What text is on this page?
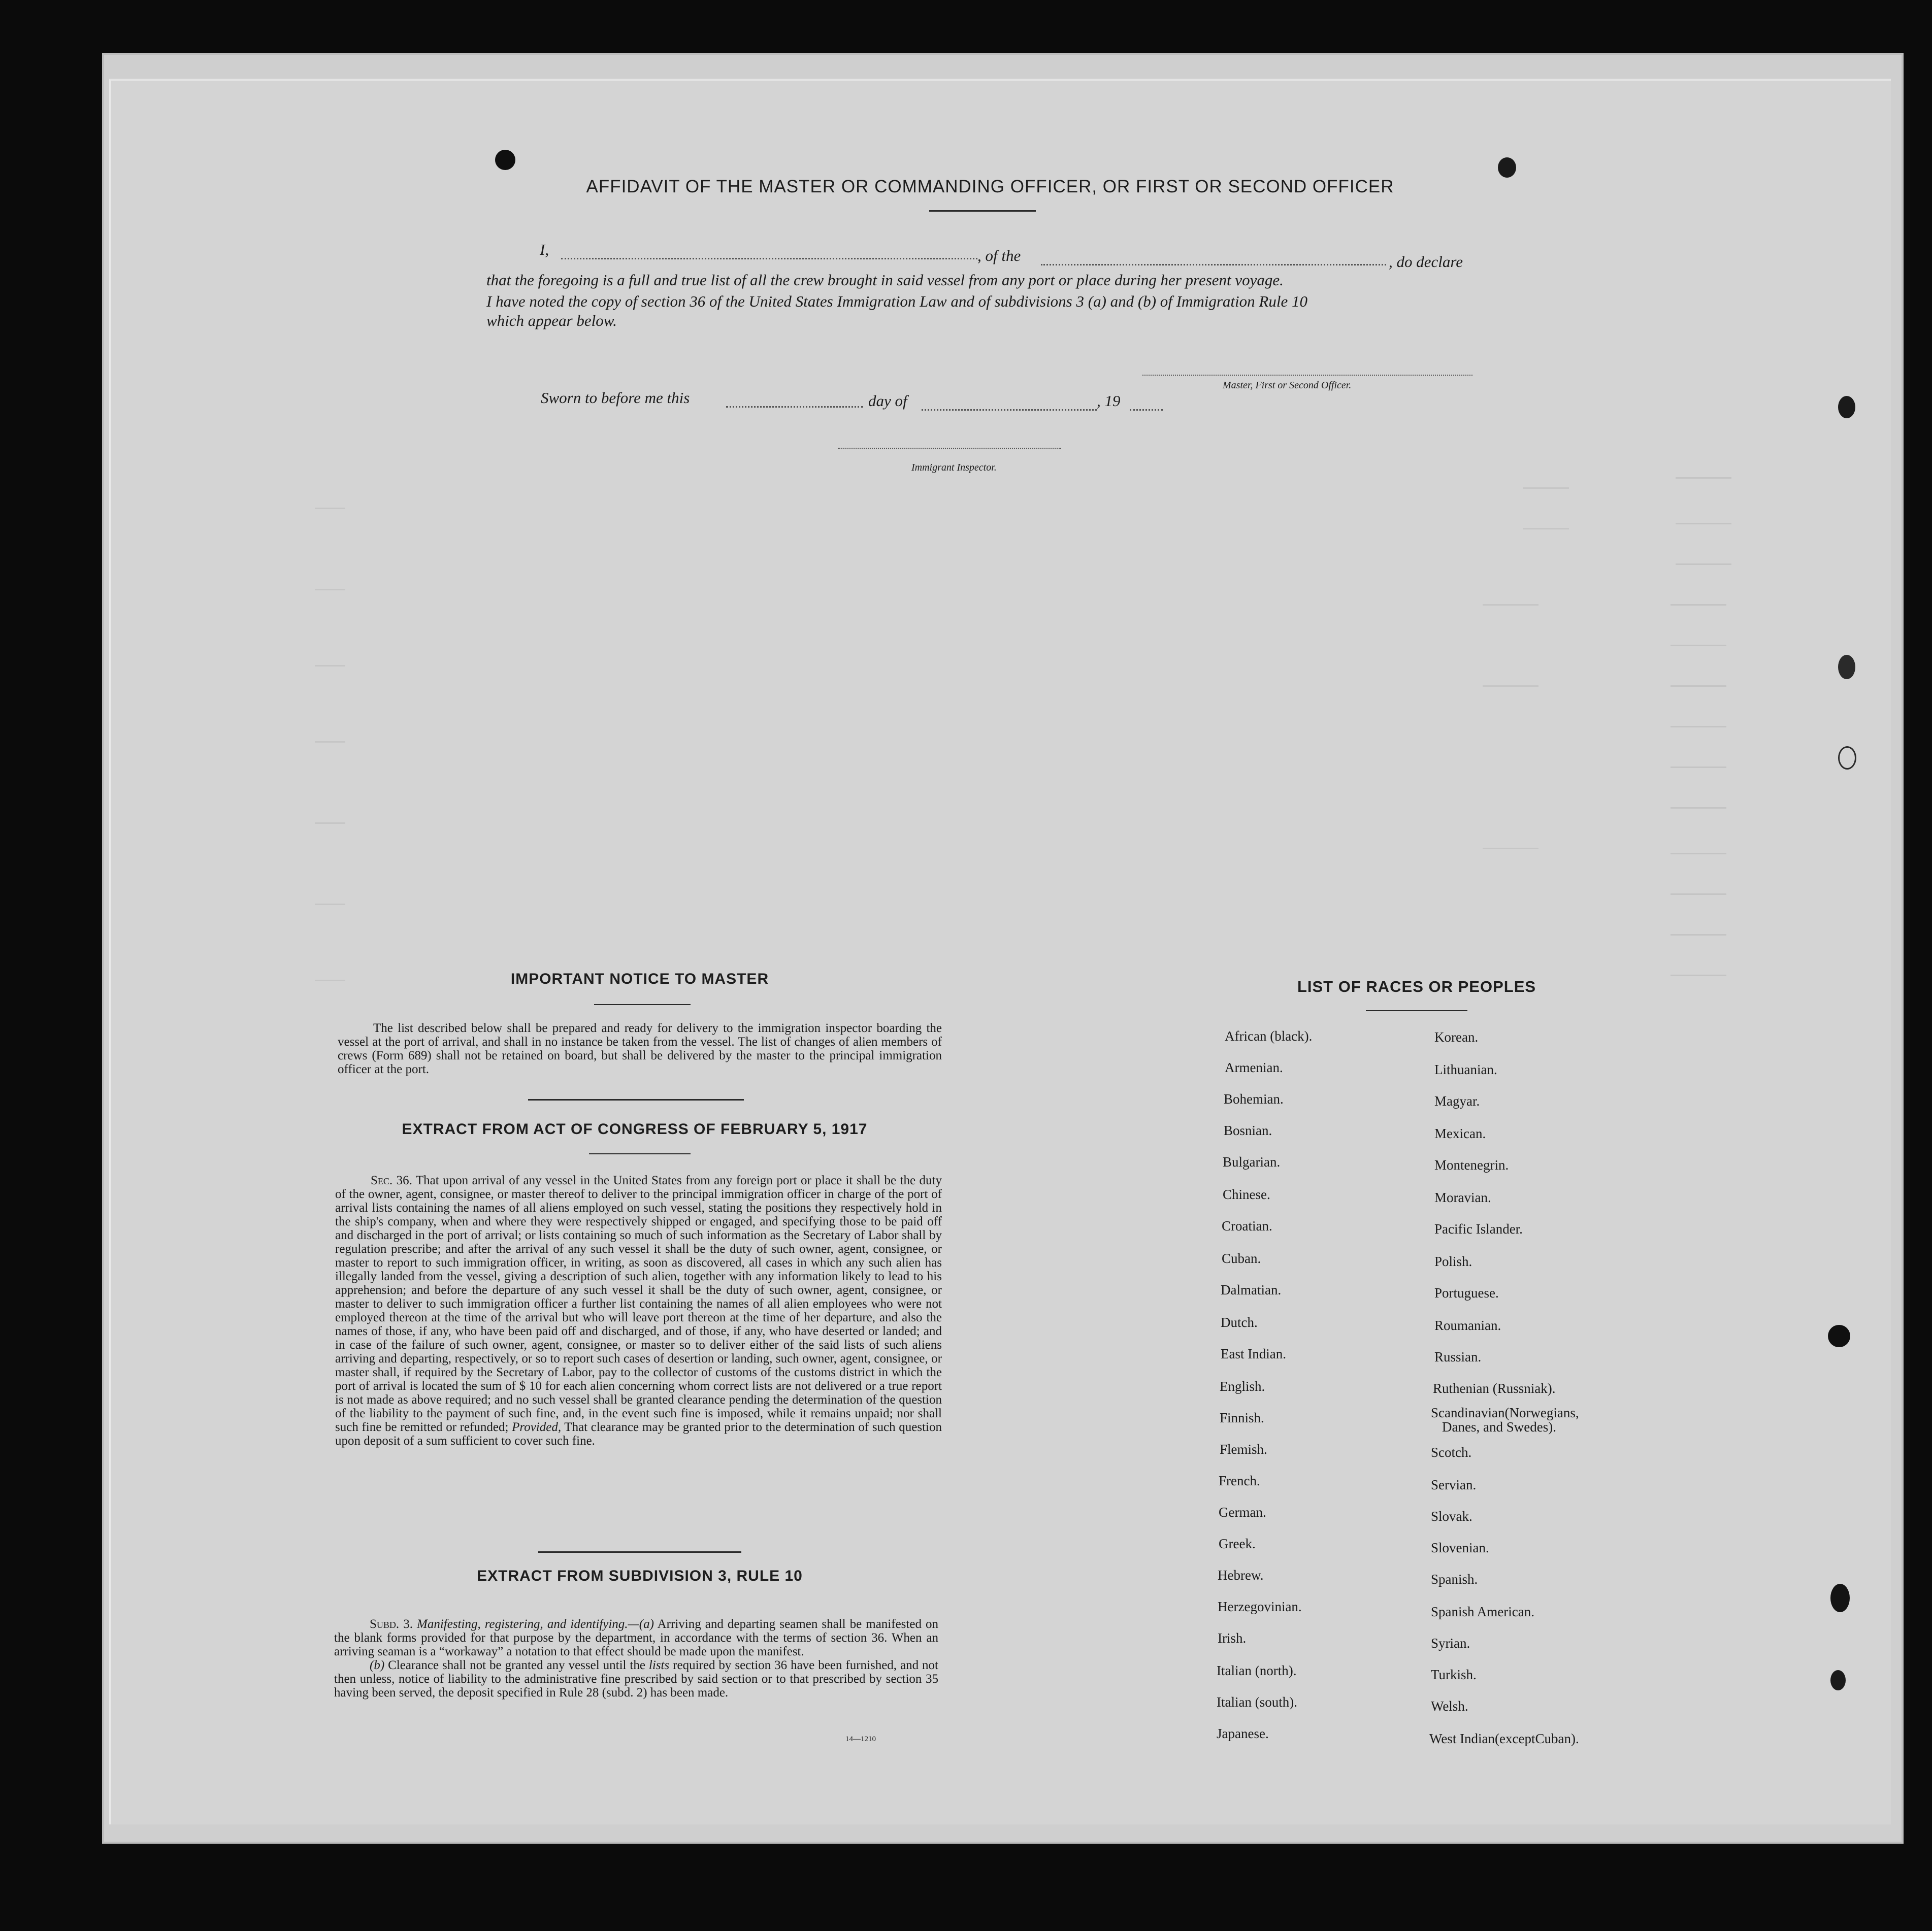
AFFIDAVIT OF THE MASTER OR COMMANDING OFFICER, OR FIRST OR SECOND OFFICER
I,	, of the	, do declare
that the foregoing is a full and true list of all the crew brought in said vessel from any port or place during her present voyage.
I have noted the copy of section 36 of the United States Immigration Law and of subdivisions 3 (a) and (b) of Immigration Rule 10
which appear below.
Master, First or Second Officer.
Sworn to before me this	day of	, 19
Immigrant Inspector.
IMPORTANT NOTICE TO MASTER
The list described below shall be prepared and ready for delivery to the immigration inspector boarding the vessel at the port of arrival, and shall in no instance be taken from the vessel. The list of changes of alien members of crews (Form 689) shall not be retained on board, but shall be delivered by the master to the principal immigration officer at the port.
EXTRACT FROM ACT OF CONGRESS OF FEBRUARY 5, 1917
Sec. 36. That upon arrival of any vessel in the United States from any foreign port or place it shall be the duty of the owner, agent, consignee, or master thereof to deliver to the principal immigration officer in charge of the port of arrival lists containing the names of all aliens employed on such vessel, stating the positions they respectively hold in the ship's company, when and where they were respectively shipped or engaged, and specifying those to be paid off and discharged in the port of arrival; or lists containing so much of such information as the Secretary of Labor shall by regulation prescribe; and after the arrival of any such vessel it shall be the duty of such owner, agent, consignee, or master to report to such immigration officer, in writing, as soon as discovered, all cases in which any such alien has illegally landed from the vessel, giving a description of such alien, together with any information likely to lead to his apprehension; and before the departure of any such vessel it shall be the duty of such owner, agent, consignee, or master to deliver to such immigration officer a further list containing the names of all alien employees who were not employed thereon at the time of the arrival but who will leave port thereon at the time of her departure, and also the names of those, if any, who have been paid off and discharged, and of those, if any, who have deserted or landed; and in case of the failure of such owner, agent, consignee, or master so to deliver either of the said lists of such aliens arriving and departing, respectively, or so to report such cases of desertion or landing, such owner, agent, consignee, or master shall, if required by the Secretary of Labor, pay to the collector of customs of the customs district in which the port of arrival is located the sum of $ 10 for each alien concerning whom correct lists are not delivered or a true report is not made as above required; and no such vessel shall be granted clearance pending the determination of the question of the liability to the payment of such fine, and, in the event such fine is imposed, while it remains unpaid; nor shall such fine be remitted or refunded; Provided, That clearance may be granted prior to the determination of such question upon deposit of a sum sufficient to cover such fine.
EXTRACT FROM SUBDIVISION 3, RULE 10
Subd. 3. Manifesting, registering, and identifying.—(a) Arriving and departing seamen shall be manifested on the blank forms provided for that purpose by the department, in accordance with the terms of section 36. When an arriving seaman is a “workaway” a notation to that effect should be made upon the manifest.
(b) Clearance shall not be granted any vessel until the lists required by section 36 have been furnished, and not then unless, notice of liability to the administrative fine prescribed by said section or to that prescribed by section 35 having been served, the deposit specified in Rule 28 (subd. 2) has been made.
14—1210
LIST OF RACES OR PEOPLES
African (black).
Armenian.
Bohemian.
Bosnian.
Bulgarian.
Chinese.
Croatian.
Cuban.
Dalmatian.
Dutch.
East Indian.
English.
Finnish.
Flemish.
French.
German.
Greek.
Hebrew.
Herzegovinian.
Irish.
Italian (north).
Italian (south).
Japanese.
Korean.
Lithuanian.
Magyar.
Mexican.
Montenegrin.
Moravian.
Pacific Islander.
Polish.
Portuguese.
Roumanian.
Russian.
Ruthenian (Russniak).
Scandinavian(Norwegians,
Danes, and Swedes).
Scotch.
Servian.
Slovak.
Slovenian.
Spanish.
Spanish American.
Syrian.
Turkish.
Welsh.
West Indian(exceptCuban).
